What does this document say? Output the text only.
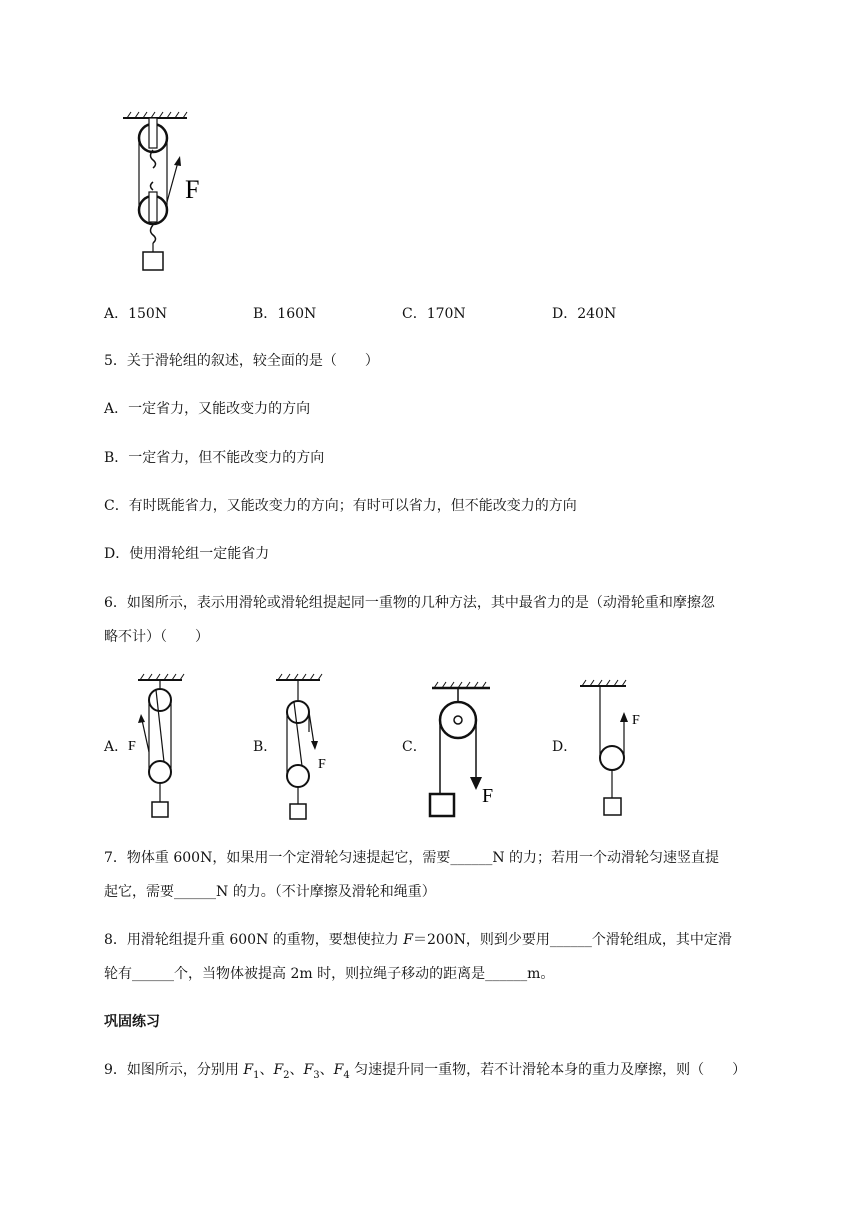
F
A．150N	B．160N	C．170N	D．240N
5．关于滑轮组的叙述，较全面的是（　　）
A．一定省力，又能改变力的方向
B．一定省力，但不能改变力的方向
C．有时既能省力，又能改变力的方向；有时可以省力，但不能改变力的方向
D．使用滑轮组一定能省力
6．如图所示，表示用滑轮或滑轮组提起同一重物的几种方法，其中最省力的是（动滑轮重和摩擦忽
略不计）（　　）
A．	B．	C．	D．
F
F
F
F
7．物体重 600N，如果用一个定滑轮匀速提起它，需要______N 的力；若用一个动滑轮匀速竖直提
起它，需要______N 的力。（不计摩擦及滑轮和绳重）
8．用滑轮组提升重 600N 的重物，要想使拉力 F＝200N，则到少要用______个滑轮组成，其中定滑
轮有______个，当物体被提高 2m 时，则拉绳子移动的距离是______m。
巩固练习
9．如图所示，分别用 $F_1$、$F_2$、$F_3$、$F_4$ 匀速提升同一重物，若不计滑轮本身的重力及摩擦，则（　　）
